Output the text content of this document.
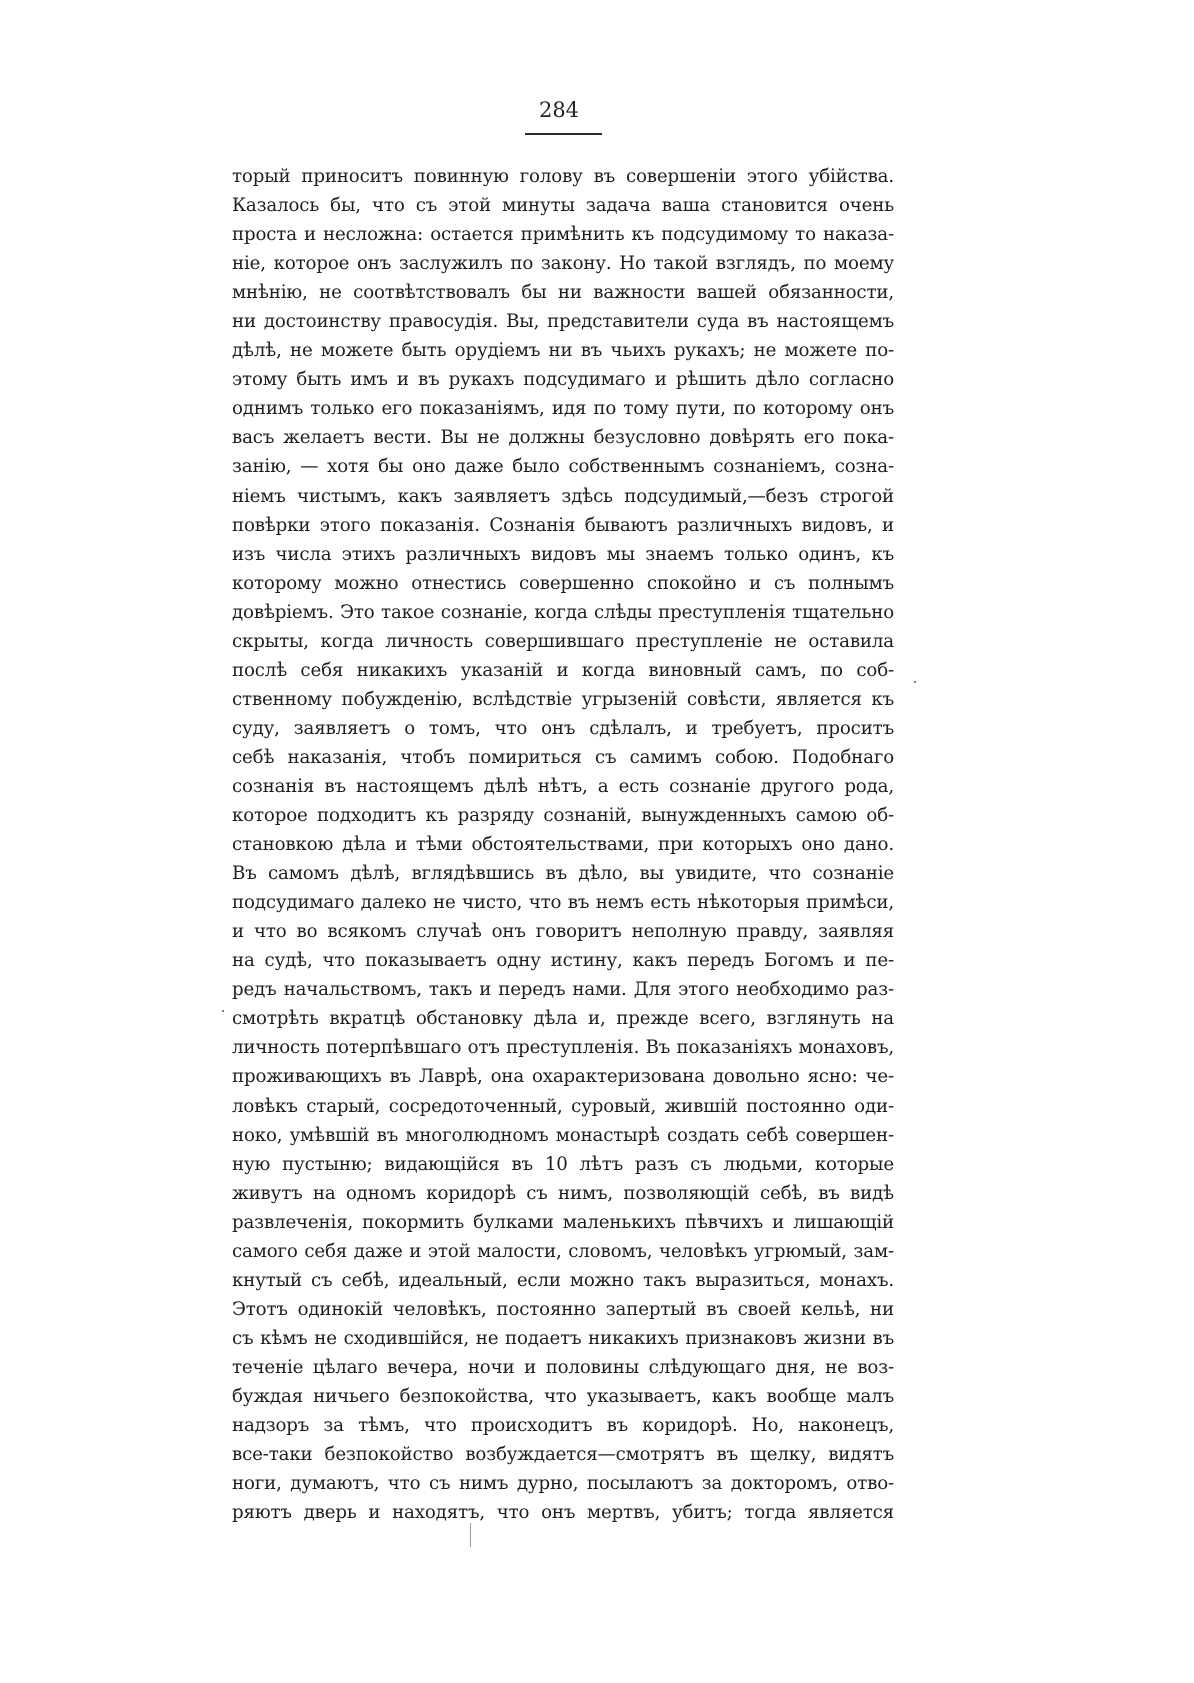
284
торый приноситъ повинную голову въ совершеніи этого убійства.
Казалось бы, что съ этой минуты задача ваша становится очень
проста и несложна: остается примѣнить къ подсудимому то наказа-
ніе, которое онъ заслужилъ по закону. Но такой взглядъ, по моему
мнѣнію, не соотвѣтствовалъ бы ни важности вашей обязанности,
ни достоинству правосудія. Вы, представители суда въ настоящемъ
дѣлѣ, не можете быть орудіемъ ни въ чьихъ рукахъ; не можете по-
этому быть имъ и въ рукахъ подсудимаго и рѣшить дѣло согласно
однимъ только его показаніямъ, идя по тому пути, по которому онъ
васъ желаетъ вести. Вы не должны безусловно довѣрять его пока-
занію, — хотя бы оно даже было собственнымъ сознаніемъ, созна-
ніемъ чистымъ, какъ заявляетъ здѣсь подсудимый,—безъ строгой
повѣрки этого показанія. Сознанія бываютъ различныхъ видовъ, и
изъ числа этихъ различныхъ видовъ мы знаемъ только одинъ, къ
которому можно отнестись совершенно спокойно и съ полнымъ
довѣріемъ. Это такое сознаніе, когда слѣды преступленія тщательно
скрыты, когда личность совершившаго преступленіе не оставила
послѣ себя никакихъ указаній и когда виновный самъ, по соб-
ственному побужденію, вслѣдствіе угрызеній совѣсти, является къ
суду, заявляетъ о томъ, что онъ сдѣлалъ, и требуетъ, проситъ
себѣ наказанія, чтобъ помириться съ самимъ собою. Подобнаго
сознанія въ настоящемъ дѣлѣ нѣтъ, а есть сознаніе другого рода,
которое подходитъ къ разряду сознаній, вынужденныхъ самою об-
становкою дѣла и тѣми обстоятельствами, при которыхъ оно дано.
Въ самомъ дѣлѣ, вглядѣвшись въ дѣло, вы увидите, что сознаніе
подсудимаго далеко не чисто, что въ немъ есть нѣкоторыя примѣси,
и что во всякомъ случаѣ онъ говоритъ неполную правду, заявляя
на судѣ, что показываетъ одну истину, какъ передъ Богомъ и пе-
редъ начальствомъ, такъ и передъ нами. Для этого необходимо раз-
смотрѣть вкратцѣ обстановку дѣла и, прежде всего, взглянуть на
личность потерпѣвшаго отъ преступленія. Въ показаніяхъ монаховъ,
проживающихъ въ Лаврѣ, она охарактеризована довольно ясно: че-
ловѣкъ старый, сосредоточенный, суровый, жившій постоянно оди-
ноко, умѣвшій въ многолюдномъ монастырѣ создать себѣ совершен-
ную пустыню; видающійся въ 10 лѣтъ разъ съ людьми, которые
живутъ на одномъ коридорѣ съ нимъ, позволяющій себѣ, въ видѣ
развлеченія, покормить булками маленькихъ пѣвчихъ и лишающій
самого себя даже и этой малости, словомъ, человѣкъ угрюмый, зам-
кнутый съ себѣ, идеальный, если можно такъ выразиться, монахъ.
Этотъ одинокій человѣкъ, постоянно запертый въ своей кельѣ, ни
съ кѣмъ не сходившійся, не подаетъ никакихъ признаковъ жизни въ
теченіе цѣлаго вечера, ночи и половины слѣдующаго дня, не воз-
буждая ничьего безпокойства, что указываетъ, какъ вообще малъ
надзоръ за тѣмъ, что происходитъ въ коридорѣ. Но, наконецъ,
все-таки безпокойство возбуждается—смотрятъ въ щелку, видятъ
ноги, думаютъ, что съ нимъ дурно, посылаютъ за докторомъ, отво-
ряютъ дверь и находятъ, что онъ мертвъ, убитъ; тогда является
